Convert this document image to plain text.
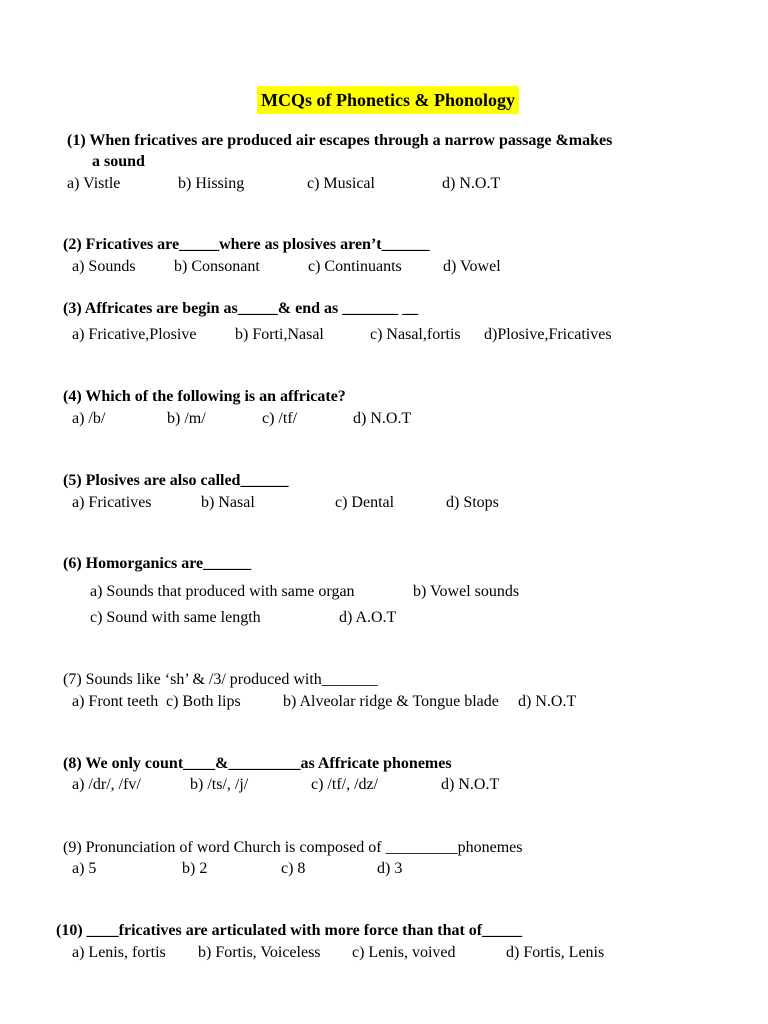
MCQs of Phonetics & Phonology
(1) When fricatives are produced air escapes through a narrow passage &makes
a sound
a) Vistle	b) Hissing	c) Musical	d) N.O.T
(2) Fricatives are_____where as plosives aren’t______
a) Sounds b) Consonant	c) Continuants	d) Vowel
(3) Affricates are begin as_____& end as _______ __
a) Fricative,Plosive b) Forti,Nasal	c) Nasal,fortis d)Plosive,Fricatives
(4) Which of the following is an affricate?
a) /b/	b) /m/	c) /tf/	d) N.O.T
(5) Plosives are also called______
a) Fricatives	b) Nasal	c) Dental	d) Stops
(6) Homorganics are______
a) Sounds that produced with same organ	b) Vowel sounds
c) Sound with same length	d) A.O.T
(7) Sounds like ‘sh’ & /3/ produced with_______
a) Front teeth c) Both lips	b) Alveolar ridge & Tongue blade d) N.O.T
(8) We only count____&_________as Affricate phonemes
a) /dr/, /fv/	b) /ts/, /j/	c) /tf/, /dz/	d) N.O.T
(9) Pronunciation of word Church is composed of _________phonemes
a) 5	b) 2	c) 8	d) 3
(10) ____fricatives are articulated with more force than that of_____
a) Lenis, fortis b) Fortis, Voiceless c) Lenis, voived	d) Fortis, Lenis
